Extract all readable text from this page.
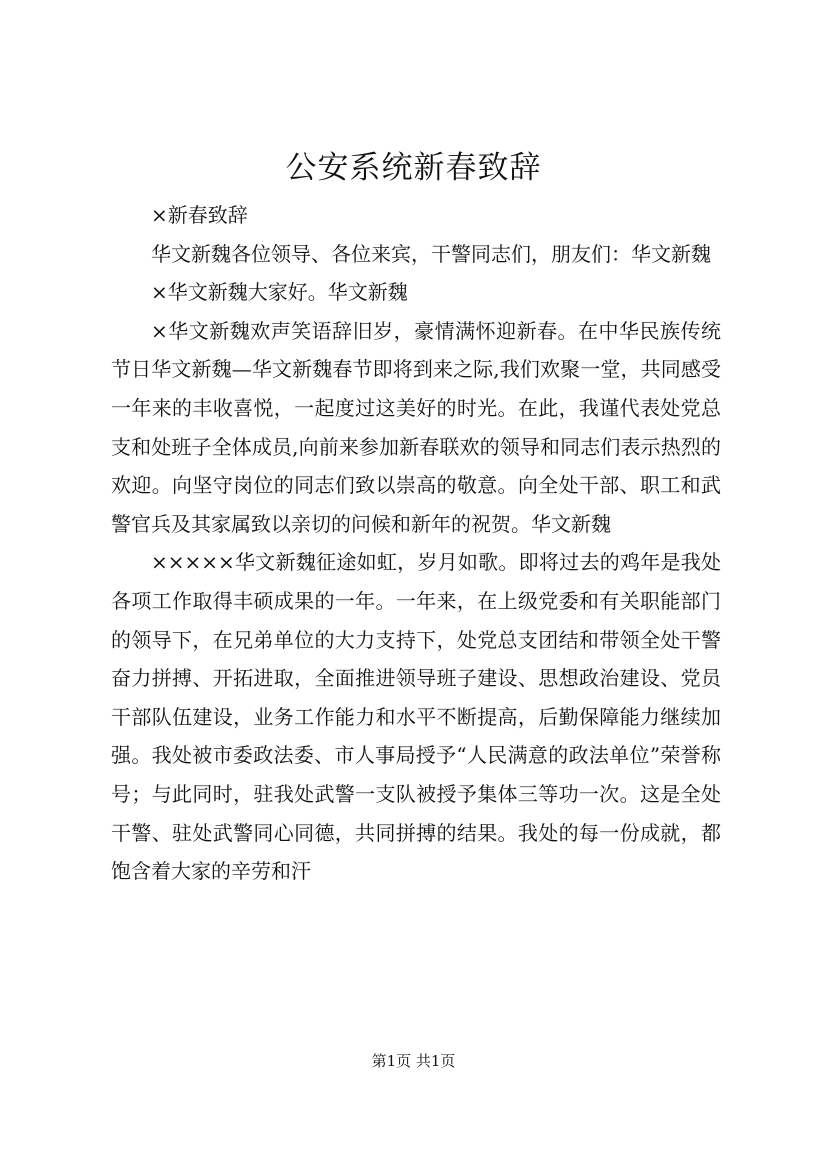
公安系统新春致辞

×新春致辞

华文新魏各位领导、各位来宾，干警同志们，朋友们：华文新魏

×华文新魏大家好。华文新魏

×华文新魏欢声笑语辞旧岁，豪情满怀迎新春。在中华民族传统节日华文新魏—华文新魏春节即将到来之际,我们欢聚一堂，共同感受一年来的丰收喜悦，一起度过这美好的时光。在此，我谨代表处党总支和处班子全体成员,向前来参加新春联欢的领导和同志们表示热烈的欢迎。向坚守岗位的同志们致以崇高的敬意。向全处干部、职工和武警官兵及其家属致以亲切的问候和新年的祝贺。华文新魏

×××××华文新魏征途如虹，岁月如歌。即将过去的鸡年是我处各项工作取得丰硕成果的一年。一年来，在上级党委和有关职能部门的领导下，在兄弟单位的大力支持下，处党总支团结和带领全处干警奋力拼搏、开拓进取，全面推进领导班子建设、思想政治建设、党员干部队伍建设，业务工作能力和水平不断提高，后勤保障能力继续加强。我处被市委政法委、市人事局授予“人民满意的政法单位”荣誉称号；与此同时，驻我处武警一支队被授予集体三等功一次。这是全处干警、驻处武警同心同德，共同拼搏的结果。我处的每一份成就，都饱含着大家的辛劳和汗

第1页 共1页
